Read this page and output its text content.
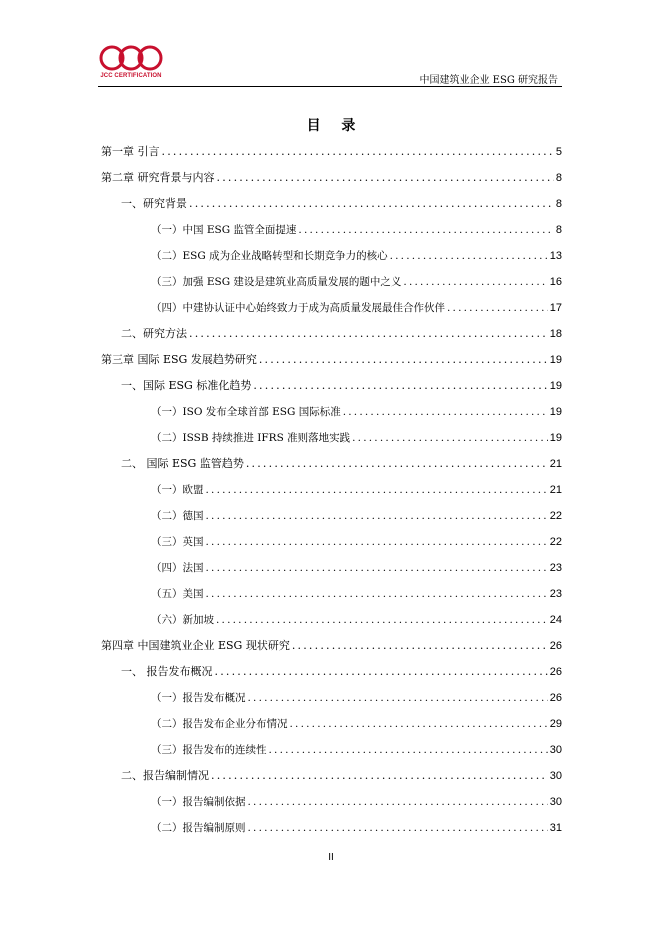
JCC CERTIFICATION	中国建筑业企业 ESG 研究报告
目 录
第一章 引言 .....	5
第二章 研究背景与内容 .....	8
一、研究背景 .....	8
（一）中国 ESG 监管全面提速 .....	8
（二）ESG 成为企业战略转型和长期竞争力的核心 .....	13
（三）加强 ESG 建设是建筑业高质量发展的题中之义 .....	16
（四）中建协认证中心始终致力于成为高质量发展最佳合作伙伴 .....	17
二、研究方法 .....	18
第三章 国际 ESG 发展趋势研究 .....	19
一、国际 ESG 标准化趋势 .....	19
（一）ISO 发布全球首部 ESG 国际标准 .....	19
（二）ISSB 持续推进 IFRS 准则落地实践 .....	19
二、 国际 ESG 监管趋势 .....	21
（一）欧盟 .....	21
（二）德国 .....	22
（三）英国 .....	22
（四）法国 .....	23
（五）美国 .....	23
（六）新加坡 .....	24
第四章 中国建筑业企业 ESG 现状研究 .....	26
一、 报告发布概况 .....	26
（一）报告发布概况 .....	26
（二）报告发布企业分布情况 .....	29
（三）报告发布的连续性 .....	30
二、报告编制情况 .....	30
（一）报告编制依据 .....	30
（二）报告编制原则 .....	31
II
